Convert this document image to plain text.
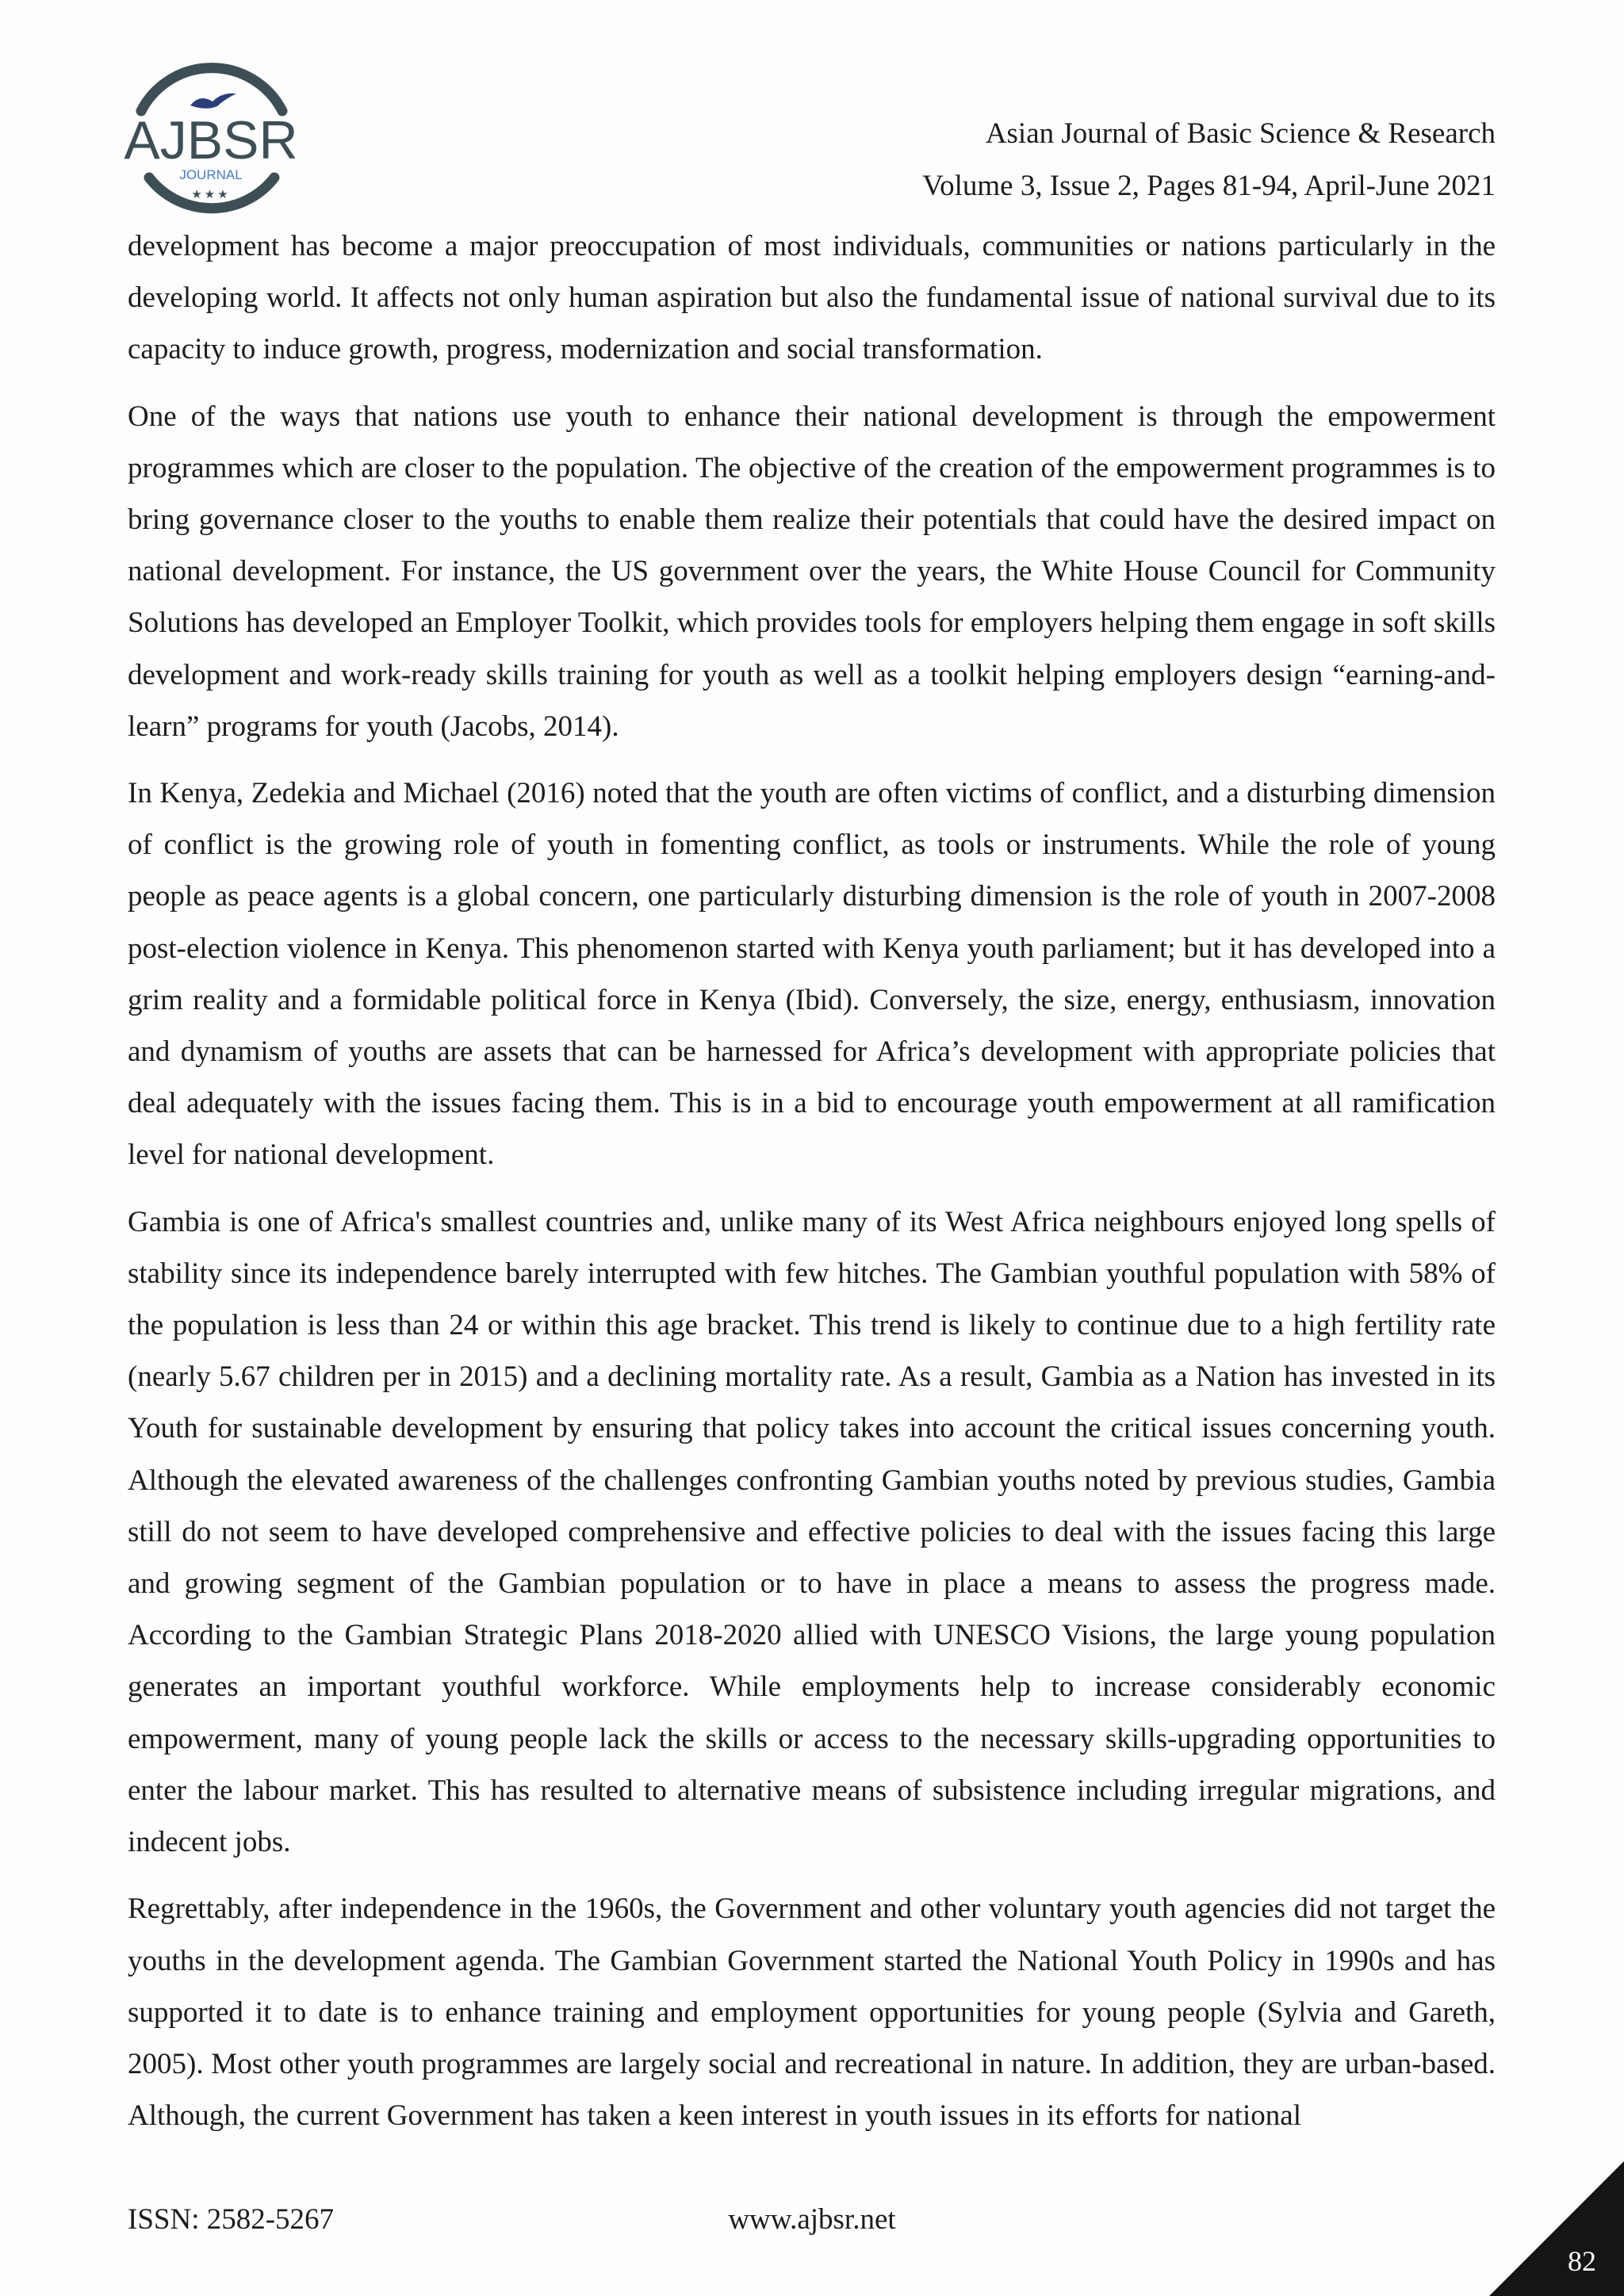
AJBSR
JOURNAL
★★★
Asian Journal of Basic Science & Research
Volume 3, Issue 2, Pages 81-94, April-June 2021

development has become a major preoccupation of most individuals, communities or nations particularly in the developing world. It affects not only human aspiration but also the fundamental issue of national survival due to its capacity to induce growth, progress, modernization and social transformation.

One of the ways that nations use youth to enhance their national development is through the empowerment programmes which are closer to the population. The objective of the creation of the empowerment programmes is to bring governance closer to the youths to enable them realize their potentials that could have the desired impact on national development. For instance, the US government over the years, the White House Council for Community Solutions has developed an Employer Toolkit, which provides tools for employers helping them engage in soft skills development and work-ready skills training for youth as well as a toolkit helping employers design “earning-and-learn” programs for youth (Jacobs, 2014).

In Kenya, Zedekia and Michael (2016) noted that the youth are often victims of conflict, and a disturbing dimension of conflict is the growing role of youth in fomenting conflict, as tools or instruments. While the role of young people as peace agents is a global concern, one particularly disturbing dimension is the role of youth in 2007-2008 post-election violence in Kenya. This phenomenon started with Kenya youth parliament; but it has developed into a grim reality and a formidable political force in Kenya (Ibid). Conversely, the size, energy, enthusiasm, innovation and dynamism of youths are assets that can be harnessed for Africa’s development with appropriate policies that deal adequately with the issues facing them. This is in a bid to encourage youth empowerment at all ramification level for national development.

Gambia is one of Africa's smallest countries and, unlike many of its West Africa neighbours enjoyed long spells of stability since its independence barely interrupted with few hitches. The Gambian youthful population with 58% of the population is less than 24 or within this age bracket. This trend is likely to continue due to a high fertility rate (nearly 5.67 children per in 2015) and a declining mortality rate. As a result, Gambia as a Nation has invested in its Youth for sustainable development by ensuring that policy takes into account the critical issues concerning youth. Although the elevated awareness of the challenges confronting Gambian youths noted by previous studies, Gambia still do not seem to have developed comprehensive and effective policies to deal with the issues facing this large and growing segment of the Gambian population or to have in place a means to assess the progress made. According to the Gambian Strategic Plans 2018-2020 allied with UNESCO Visions, the large young population generates an important youthful workforce. While employments help to increase considerably economic empowerment, many of young people lack the skills or access to the necessary skills-upgrading opportunities to enter the labour market. This has resulted to alternative means of subsistence including irregular migrations, and indecent jobs.

Regrettably, after independence in the 1960s, the Government and other voluntary youth agencies did not target the youths in the development agenda. The Gambian Government started the National Youth Policy in 1990s and has supported it to date is to enhance training and employment opportunities for young people (Sylvia and Gareth, 2005). Most other youth programmes are largely social and recreational in nature. In addition, they are urban-based. Although, the current Government has taken a keen interest in youth issues in its efforts for national

ISSN: 2582-5267	www.ajbsr.net
82
